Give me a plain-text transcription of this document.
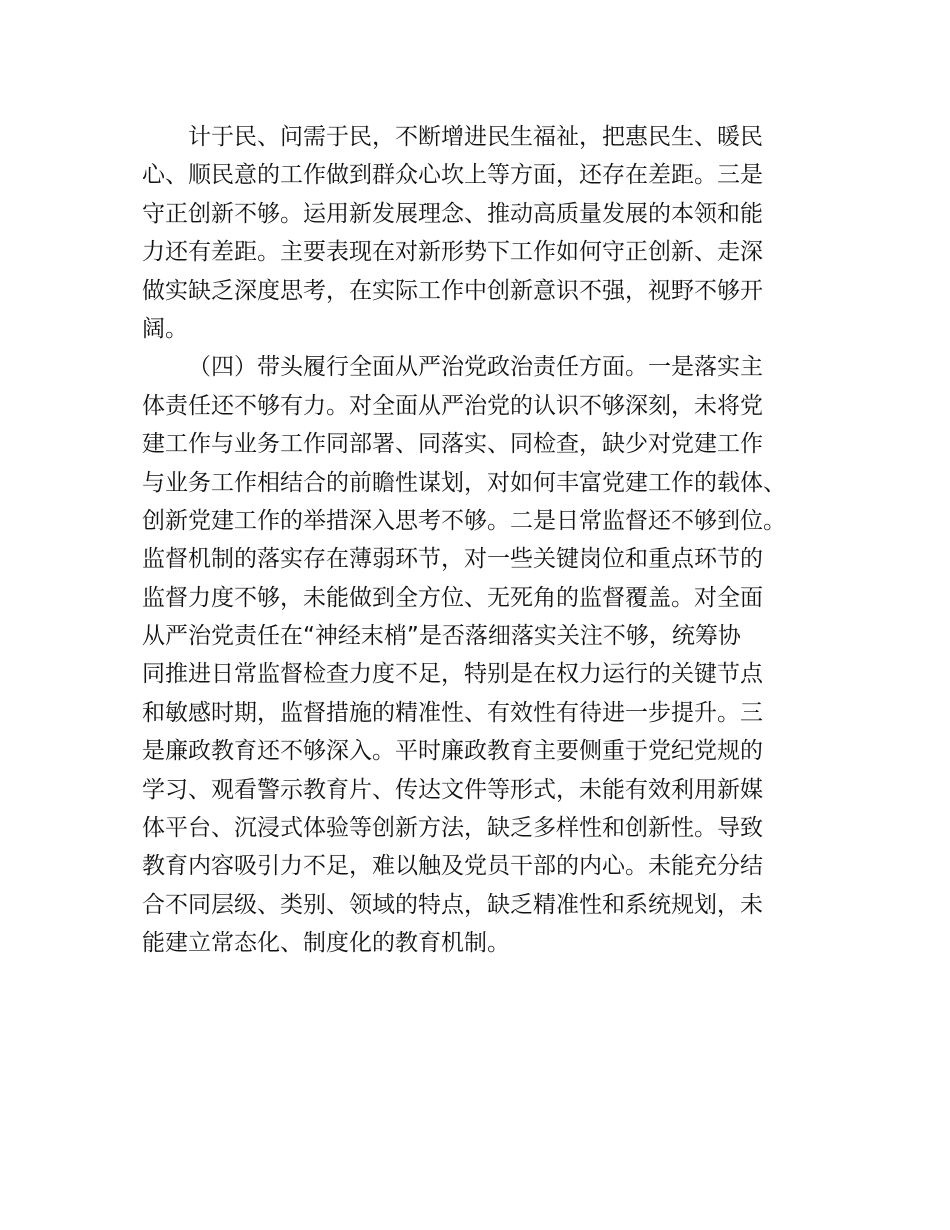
计于民、问需于民，不断增进民生福祉，把惠民生、暖民
心、顺民意的工作做到群众心坎上等方面，还存在差距。三是
守正创新不够。运用新发展理念、推动高质量发展的本领和能
力还有差距。主要表现在对新形势下工作如何守正创新、走深
做实缺乏深度思考，在实际工作中创新意识不强，视野不够开
阔。
（四）带头履行全面从严治党政治责任方面。一是落实主
体责任还不够有力。对全面从严治党的认识不够深刻，未将党
建工作与业务工作同部署、同落实、同检查，缺少对党建工作
与业务工作相结合的前瞻性谋划，对如何丰富党建工作的载体、
创新党建工作的举措深入思考不够。二是日常监督还不够到位。
监督机制的落实存在薄弱环节，对一些关键岗位和重点环节的
监督力度不够，未能做到全方位、无死角的监督覆盖。对全面
从严治党责任在“神经末梢”是否落细落实关注不够，统筹协
同推进日常监督检查力度不足，特别是在权力运行的关键节点
和敏感时期，监督措施的精准性、有效性有待进一步提升。三
是廉政教育还不够深入。平时廉政教育主要侧重于党纪党规的
学习、观看警示教育片、传达文件等形式，未能有效利用新媒
体平台、沉浸式体验等创新方法，缺乏多样性和创新性。导致
教育内容吸引力不足，难以触及党员干部的内心。未能充分结
合不同层级、类别、领域的特点，缺乏精准性和系统规划，未
能建立常态化、制度化的教育机制。
